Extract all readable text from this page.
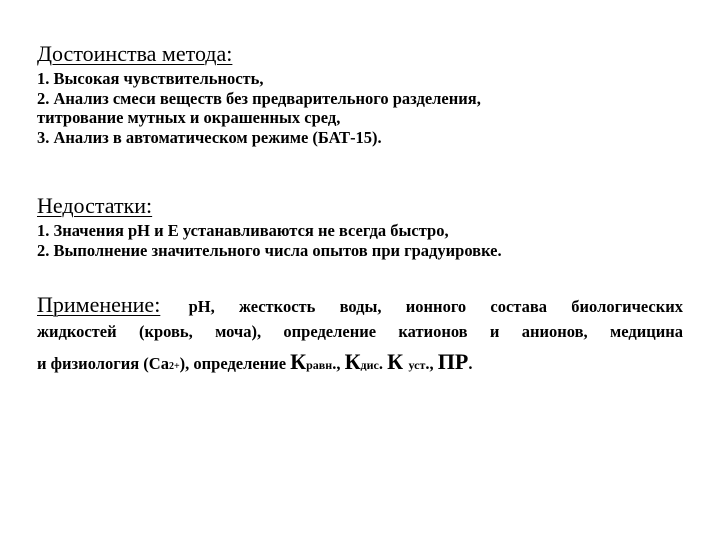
Достоинства метода:
1. Высокая чувствительность,
2. Анализ смеси веществ без предварительного разделения,
титрование мутных и окрашенных сред,
3. Анализ в автоматическом режиме (БАТ-15).
Недостатки:
1. Значения рН и Е устанавливаются не всегда быстро,
2. Выполнение значительного числа опытов при градуировке.
Применение: рН, жесткость воды, ионного состава биологических
жидкостей (кровь, моча), определение катионов и анионов, медицина
и физиология (Ca 2+ ), определение К равн ., К дис . К уст ., ПР .
